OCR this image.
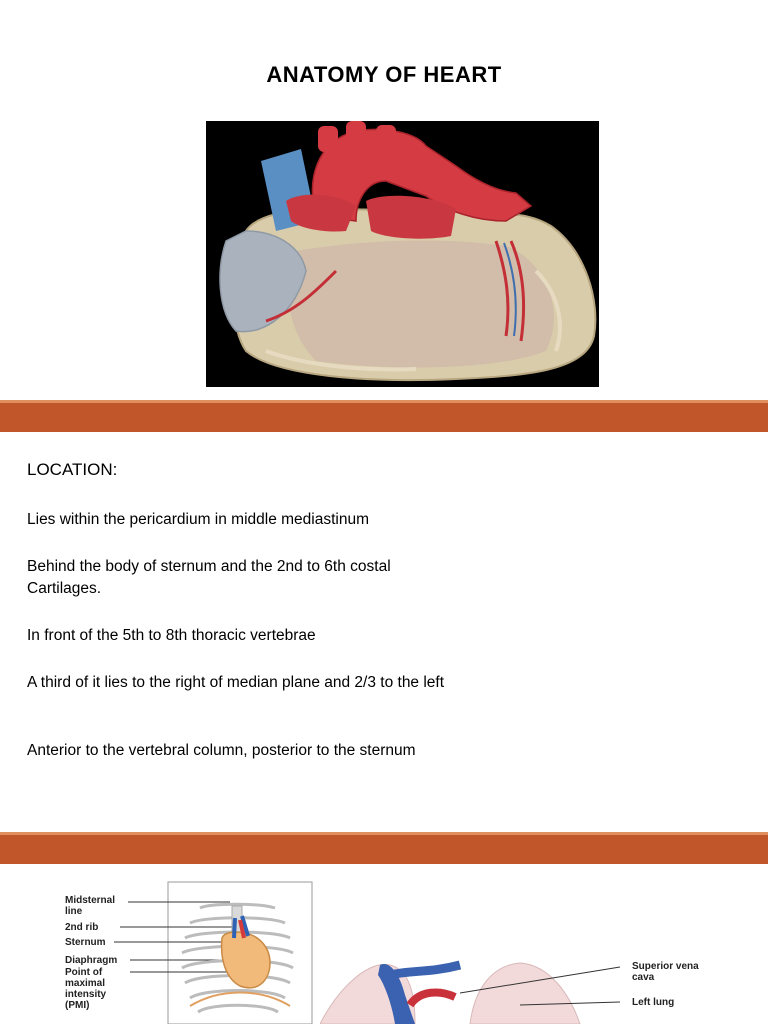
ANATOMY OF HEART
LOCATION:
Lies within the pericardium in middle mediastinum
Behind the body of sternum and the 2nd to 6th costal Cartilages.
In front of the 5th to 8th thoracic vertebrae
A third of it lies to the right of median plane and 2/3 to the left
Anterior to the vertebral column, posterior to the sternum
Midsternal line
2nd rib
Sternum
Diaphragm
Point of maximal intensity (PMI)
Superior vena cava
Left lung
